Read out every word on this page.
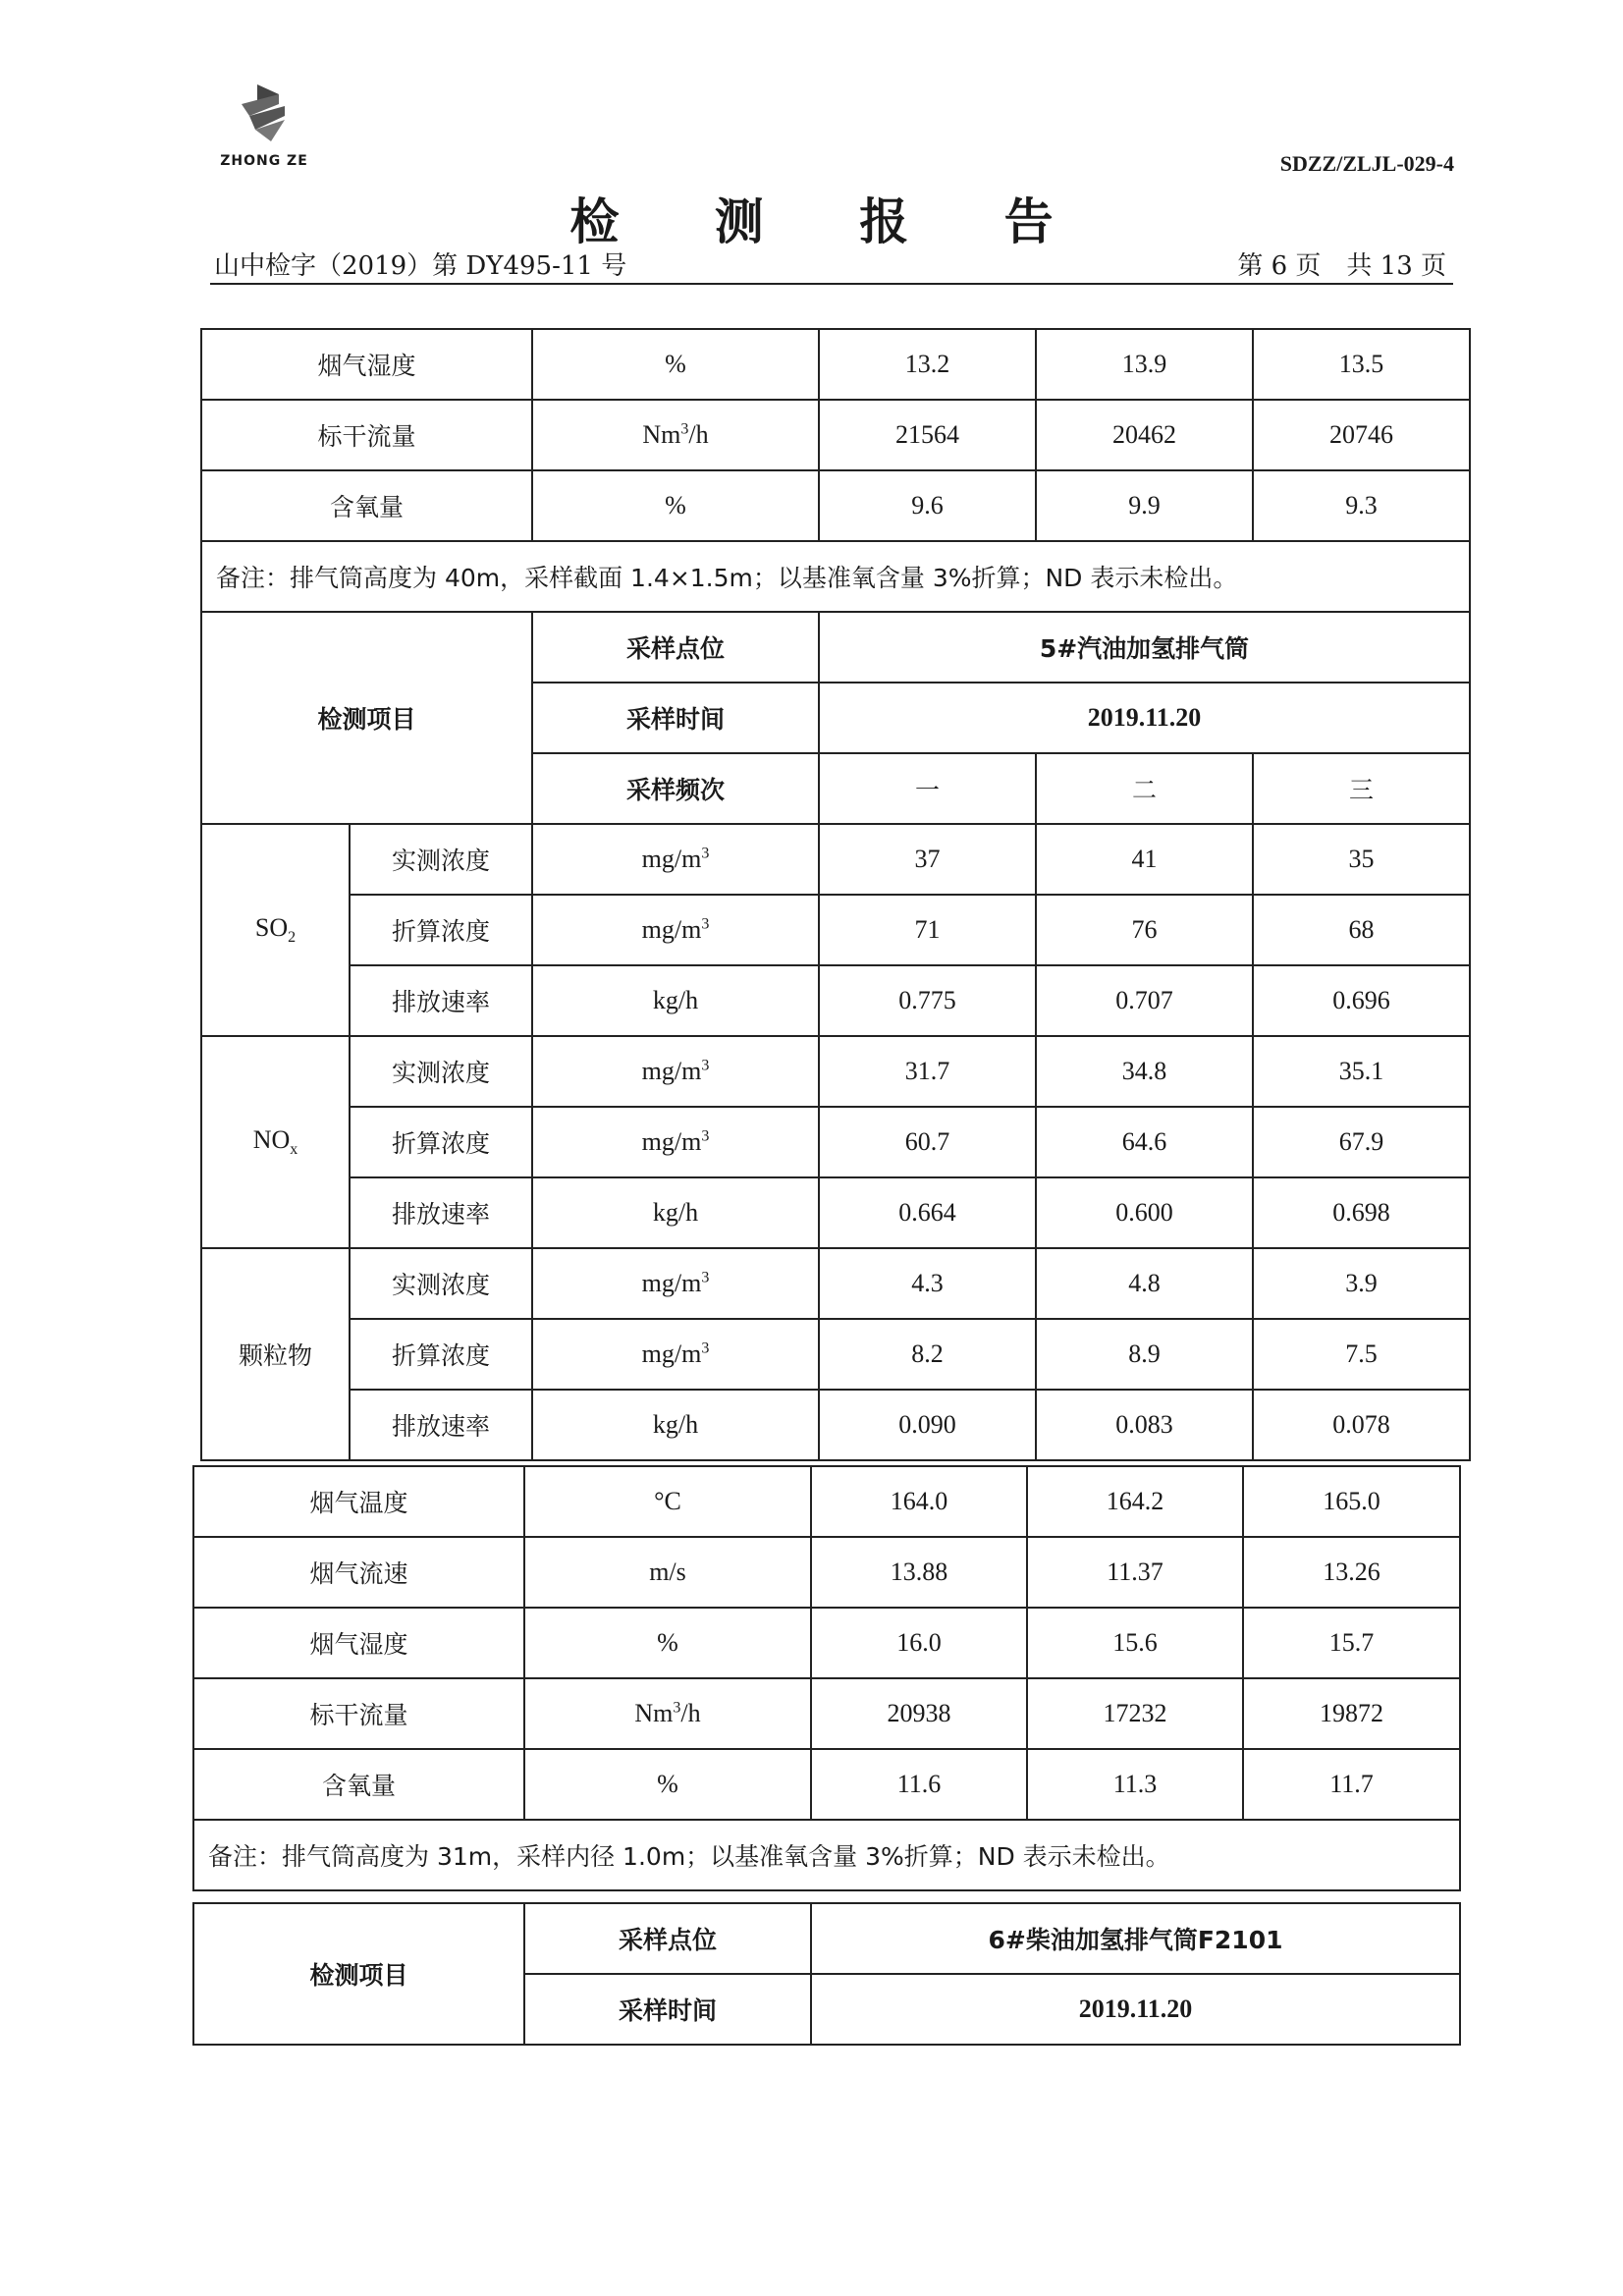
ZHONG ZE	SDZZ/ZLJL-029-4
检 测 报 告
山中检字（2019）第 DY495-11 号	第 6 页　共 13 页
烟气湿度		%	13.2	13.9	13.5
标干流量		Nm$^3$/h	21564	20462	20746
含氧量		%	9.6	9.9	9.3
备注：排气筒高度为 40m，采样截面 1.4×1.5m；以基准氧含量 3%折算；ND 表示未检出。					
检测项目		采样点位	5#汽油加氢排气筒		
		采样时间	2019.11.20		
		采样频次	一	二	三
$SO_2$	实测浓度	$mg/m^3$	37	41	35
	折算浓度	$mg/m^3$	71	76	68
	排放速率	kg/h	0.775	0.707	0.696
$NO_x$	实测浓度	$mg/m^3$	31.7	34.8	35.1
	折算浓度	$mg/m^3$	60.7	64.6	67.9
	排放速率	kg/h	0.664	0.600	0.698
颗粒物	实测浓度	$mg/m^3$	4.3	4.8	3.9
	折算浓度	$mg/m^3$	8.2	8.9	7.5
	排放速率	kg/h	0.090	0.083	0.078
烟气温度	°C	164.0	164.2	165.0
烟气流速	m/s	13.88	11.37	13.26
烟气湿度	%	16.0	15.6	15.7
标干流量	Nm$^3$/h	20938	17232	19872
含氧量	%	11.6	11.3	11.7
备注：排气筒高度为 31m，采样内径 1.0m；以基准氧含量 3%折算；ND 表示未检出。				
检测项目	采样点位	6#柴油加氢排气筒F2101
	采样时间	2019.11.20
